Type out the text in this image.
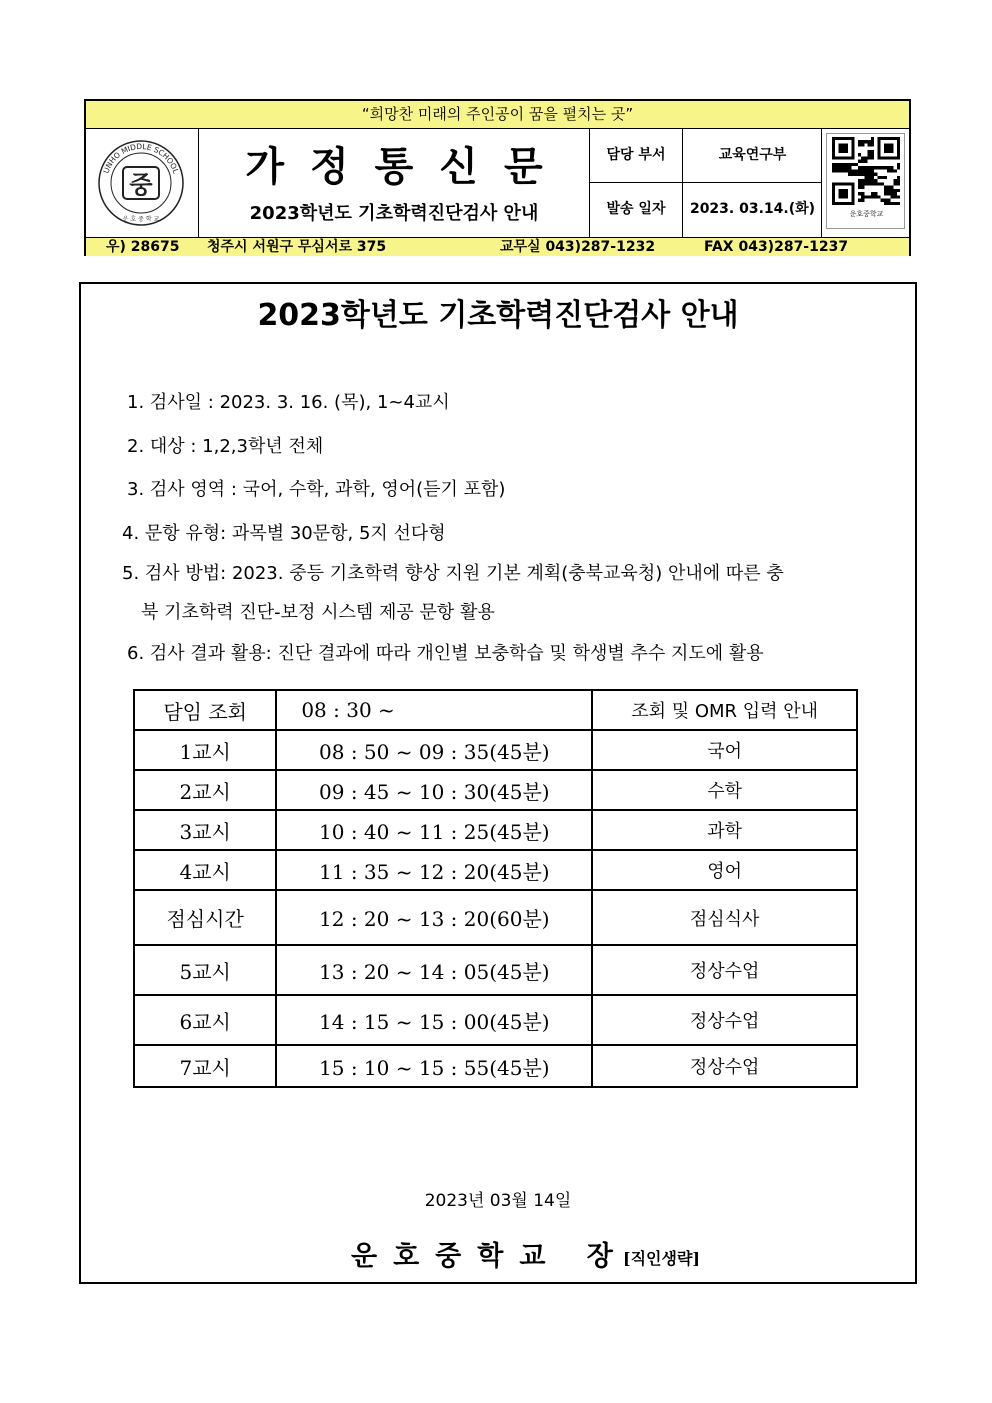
“희망찬 미래의 주인공이 꿈을 펼치는 곳”
UNHO MIDDLE SCHOOL
중
운 호 중 학 교
가정통신문
2023학년도 기초학력진단검사 안내
담당 부서	교육연구부
발송 일자	2023. 03.14.(화)	운호중학교
우) 28675 청주시 서원구 무심서로 375	교무실 043)287-1232	FAX 043)287-1237
2023학년도 기초학력진단검사 안내
1. 검사일 : 2023. 3. 16. (목), 1~4교시
2. 대상 : 1,2,3학년 전체
3. 검사 영역 : 국어, 수학, 과학, 영어(듣기 포함)
4. 문항 유형: 과목별 30문항, 5지 선다형
5. 검사 방법: 2023. 중등 기초학력 향상 지원 기본 계획(충북교육청) 안내에 따른 충
북 기초학력 진단-보정 시스템 제공 문항 활용
6. 검사 결과 활용: 진단 결과에 따라 개인별 보충학습 및 학생별 추수 지도에 활용
담임 조회	08 : 30 ~	조회 및 OMR 입력 안내
1교시	08 : 50 ~ 09 : 35(45분)	국어
2교시	09 : 45 ~ 10 : 30(45분)	수학
3교시	10 : 40 ~ 11 : 25(45분)	과학
4교시	11 : 35 ~ 12 : 20(45분)	영어
점심시간	12 : 20 ~ 13 : 20(60분)	점심식사
5교시	13 : 20 ~ 14 : 05(45분)	정상수업
6교시	14 : 15 ~ 15 : 00(45분)	정상수업
7교시	15 : 10 ~ 15 : 55(45분)	정상수업
2023년 03월 14일
운호중학교 장
[직인생략]
